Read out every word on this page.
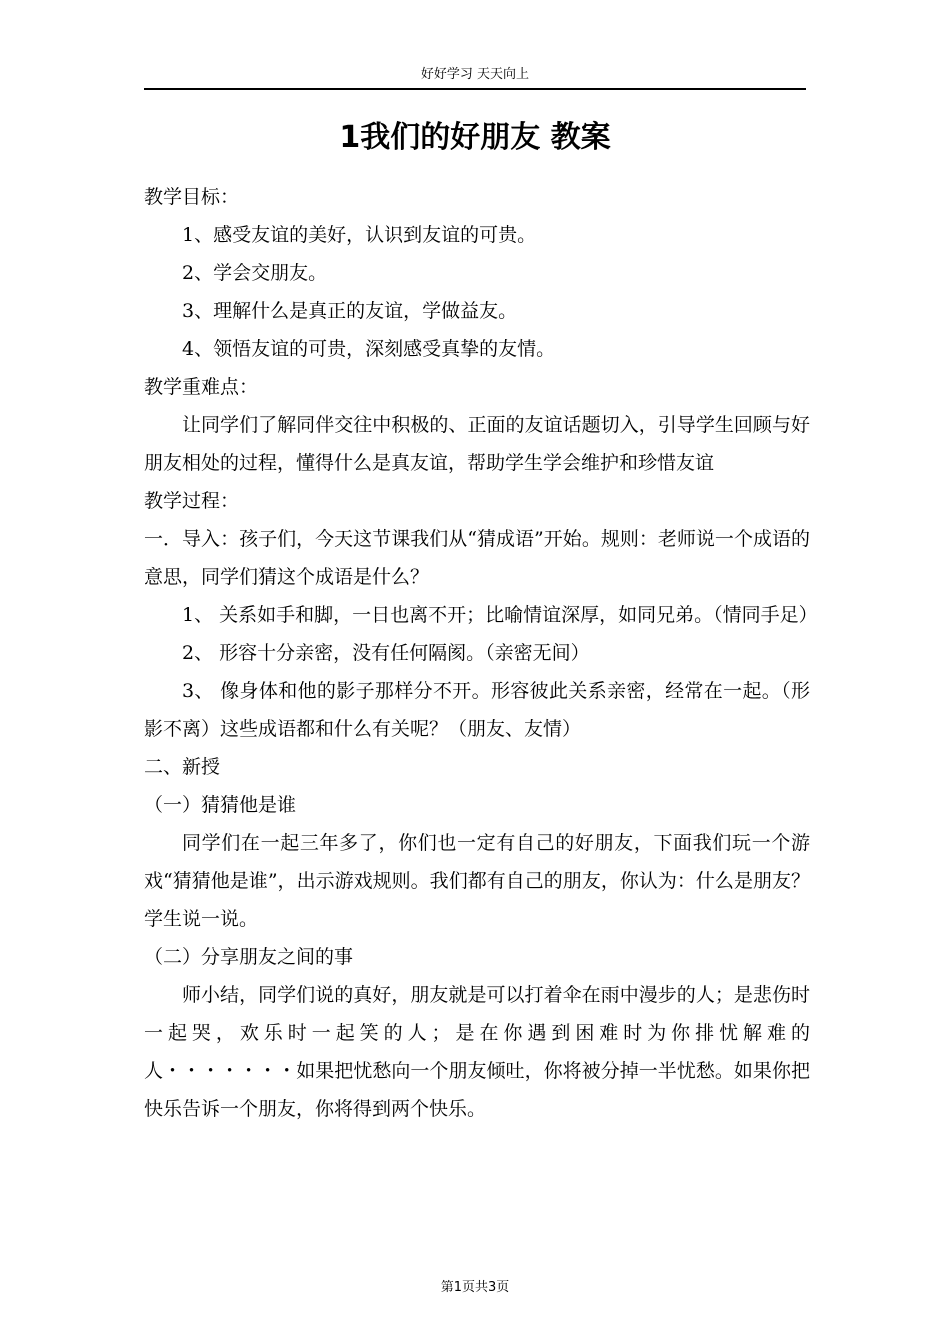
好好学习 天天向上
1我们的好朋友 教案

教学目标：

1、感受友谊的美好，认识到友谊的可贵。

2、学会交朋友。

3、理解什么是真正的友谊，学做益友。

4、领悟友谊的可贵，深刻感受真挚的友情。

教学重难点：

让同学们了解同伴交往中积极的、正面的友谊话题切入，引导学生回顾与好朋友相处的过程，懂得什么是真友谊，帮助学生学会维护和珍惜友谊

教学过程：

一．导入：孩子们，今天这节课我们从“猜成语”开始。规则：老师说一个成语的意思，同学们猜这个成语是什么？

1、 关系如手和脚，一日也离不开；比喻情谊深厚，如同兄弟。（情同手足）

2、 形容十分亲密，没有任何隔阂。（亲密无间）

3、 像身体和他的影子那样分不开。形容彼此关系亲密，经常在一起。（形影不离）这些成语都和什么有关呢？（朋友、友情）

二、新授

（一）猜猜他是谁

同学们在一起三年多了，你们也一定有自己的好朋友，下面我们玩一个游戏“猜猜他是谁”，出示游戏规则。我们都有自己的朋友，你认为：什么是朋友？学生说一说。

（二）分享朋友之间的事

师小结，同学们说的真好，朋友就是可以打着伞在雨中漫步的人；是悲伤时一起哭，欢乐时一起笑的人；是在你遇到困难时为你排忧解难的人・・・・・・・如果把忧愁向一个朋友倾吐，你将被分掉一半忧愁。如果你把快乐告诉一个朋友，你将得到两个快乐。

第1页共3页
